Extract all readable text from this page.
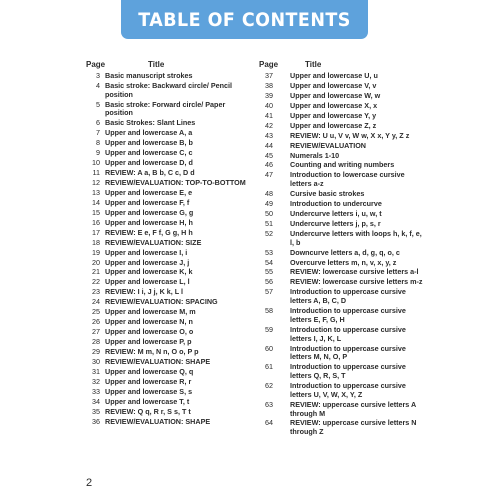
TABLE OF CONTENTS
Page	Title
3 Basic manuscript strokes
4 Basic stroke: Backward circle/ Pencil position
5 Basic stroke: Forward circle/ Paper position
6 Basic Strokes: Slant Lines
7 Upper and lowercase A, a
8 Upper and lowercase B, b
9 Upper and lowercase C, c
10 Upper and lowercase D, d
11 REVIEW: A a, B b, C c, D d
12 REVIEW/EVALUATION: TOP-TO-BOTTOM
13 Upper and lowercase E, e
14 Upper and lowercase F, f
15 Upper and lowercase G, g
16 Upper and lowercase H, h
17 REVIEW: E e, F f, G g, H h
18 REVIEW/EVALUATION: SIZE
19 Upper and lowercase I, i
20 Upper and lowercase J, j
21 Upper and lowercase K, k
22 Upper and lowercase L, l
23 REVIEW: I i, J j, K k, L l
24 REVIEW/EVALUATION: SPACING
25 Upper and lowercase M, m
26 Upper and lowercase N, n
27 Upper and lowercase O, o
28 Upper and lowercase P, p
29 REVIEW: M m, N n, O o, P p
30 REVIEW/EVALUATION: SHAPE
31 Upper and lowercase Q, q
32 Upper and lowercase R, r
33 Upper and lowercase S, s
34 Upper and lowercase T, t
35 REVIEW: Q q, R r, S s, T t
36 REVIEW/EVALUATION: SHAPE
Page	Title
37 Upper and lowercase U, u
38 Upper and lowercase V, v
39 Upper and lowercase W, w
40 Upper and lowercase X, x
41 Upper and lowercase Y, y
42 Upper and lowercase Z, z
43 REVIEW: U u, V v, W w, X x, Y y, Z z
44 REVIEW/EVALUATION
45 Numerals 1-10
46 Counting and writing numbers
47 Introduction to lowercase cursive letters a-z
48 Cursive basic strokes
49 Introduction to undercurve
50 Undercurve letters i, u, w, t
51 Undercurve letters j, p, s, r
52 Undercurve letters with loops h, k, f, e, l, b
53 Downcurve letters a, d, g, q, o, c
54 Overcurve letters m, n, v, x, y, z
55 REVIEW: lowercase cursive letters a-l
56 REVIEW: lowercase cursive letters m-z
57 Introduction to uppercase cursive letters A, B, C, D
58 Introduction to uppercase cursive letters E, F, G, H
59 Introduction to uppercase cursive letters I, J, K, L
60 Introduction to uppercase cursive letters M, N, O, P
61 Introduction to uppercase cursive letters Q, R, S, T
62 Introduction to uppercase cursive letters U, V, W, X, Y, Z
63 REVIEW: uppercase cursive letters A through M
64 REVIEW: uppercase cursive letters N through Z
2
